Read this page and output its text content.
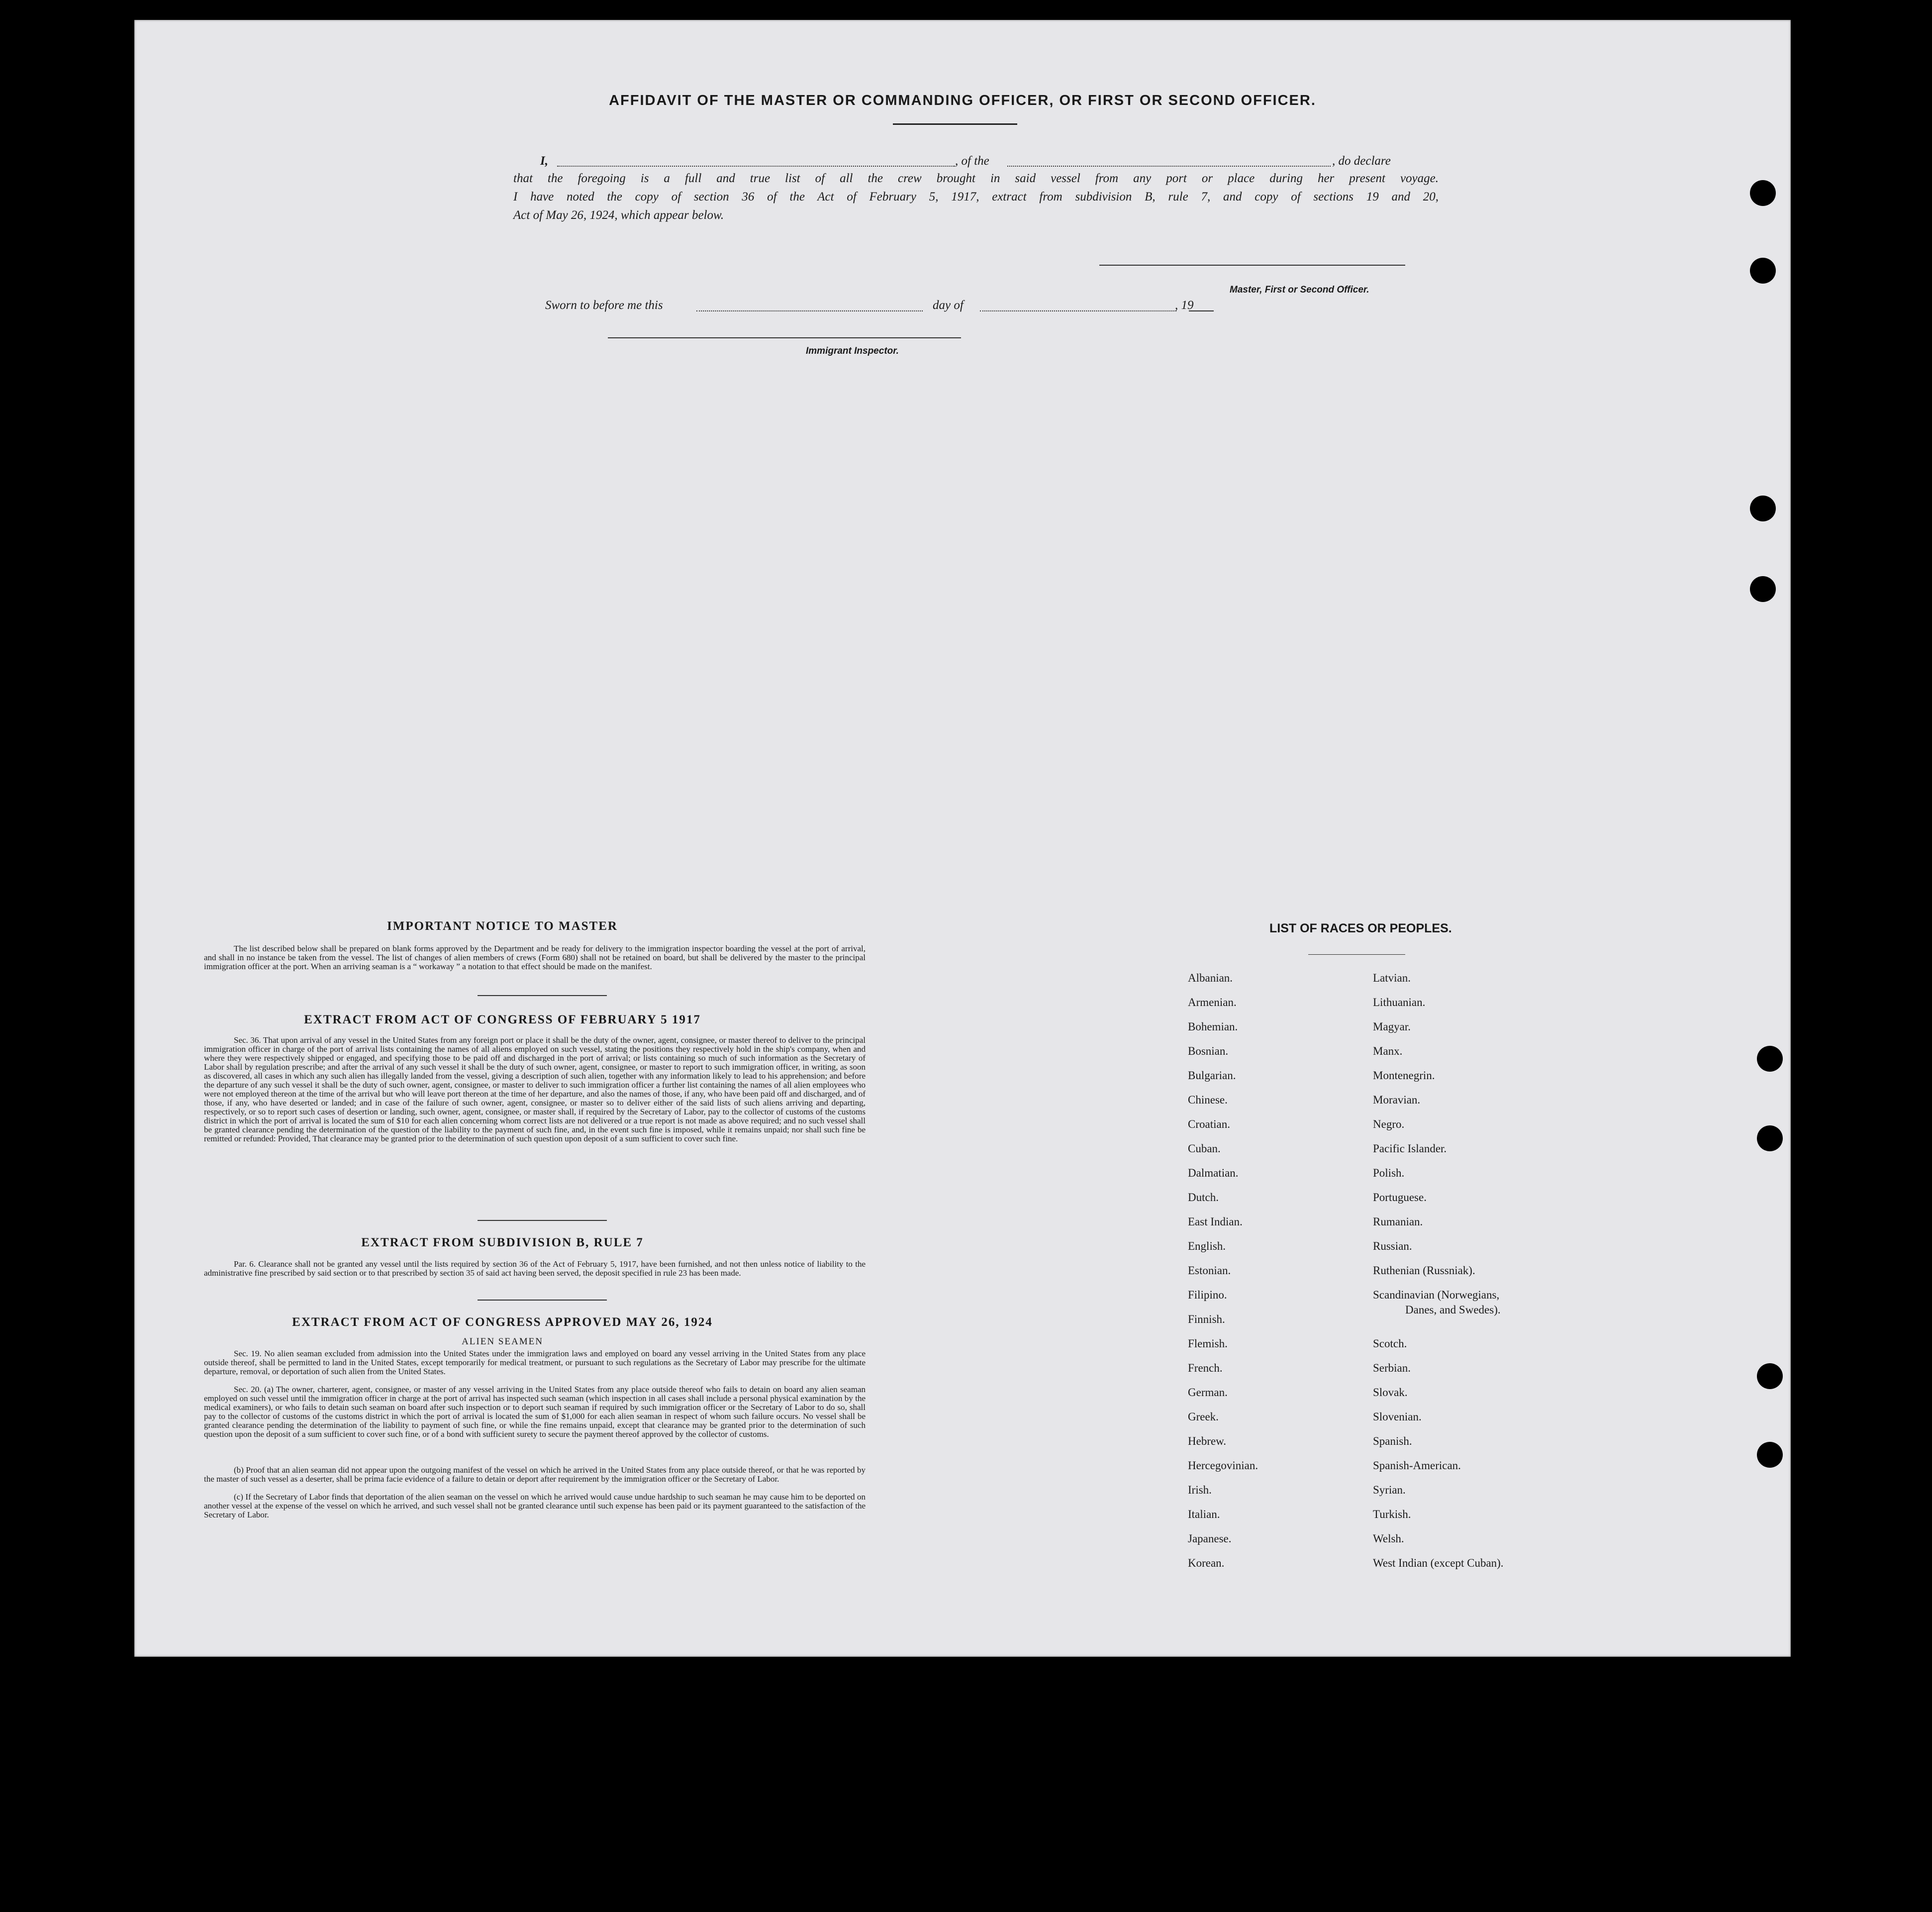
AFFIDAVIT OF THE MASTER OR COMMANDING OFFICER, OR FIRST OR SECOND OFFICER.
I,	, of the	, do declare
that the foregoing is a full and true list of all the crew brought in said vessel from any port or place during her present voyage.
I have noted the copy of section 36 of the Act of February 5, 1917, extract from subdivision B, rule 7, and copy of sections 19 and 20,
Act of May 26, 1924, which appear below.
Master, First or Second Officer.
Sworn to before me this	day of	, 19
Immigrant Inspector.
IMPORTANT NOTICE TO MASTER
The list described below shall be prepared on blank forms approved by the Department and be ready for delivery to the immigration inspector boarding the vessel at the port of arrival, and shall in no instance be taken from the vessel. The list of changes of alien members of crews (Form 680) shall not be retained on board, but shall be delivered by the master to the principal immigration officer at the port. When an arriving seaman is a “ workaway ” a notation to that effect should be made on the manifest.
EXTRACT FROM ACT OF CONGRESS OF FEBRUARY 5 1917
Sec. 36. That upon arrival of any vessel in the United States from any foreign port or place it shall be the duty of the owner, agent, consignee, or master thereof to deliver to the principal immigration officer in charge of the port of arrival lists containing the names of all aliens employed on such vessel, stating the positions they respectively hold in the ship's company, when and where they were respectively shipped or engaged, and specifying those to be paid off and discharged in the port of arrival; or lists containing so much of such information as the Secretary of Labor shall by regulation prescribe; and after the arrival of any such vessel it shall be the duty of such owner, agent, consignee, or master to report to such immigration officer, in writing, as soon as discovered, all cases in which any such alien has illegally landed from the vessel, giving a description of such alien, together with any information likely to lead to his apprehension; and before the departure of any such vessel it shall be the duty of such owner, agent, consignee, or master to deliver to such immigration officer a further list containing the names of all alien employees who were not employed thereon at the time of the arrival but who will leave port thereon at the time of her departure, and also the names of those, if any, who have been paid off and discharged, and of those, if any, who have deserted or landed; and in case of the failure of such owner, agent, consignee, or master so to deliver either of the said lists of such aliens arriving and departing, respectively, or so to report such cases of desertion or landing, such owner, agent, consignee, or master shall, if required by the Secretary of Labor, pay to the collector of customs of the customs district in which the port of arrival is located the sum of $10 for each alien concerning whom correct lists are not delivered or a true report is not made as above required; and no such vessel shall be granted clearance pending the determination of the question of the liability to the payment of such fine, and, in the event such fine is imposed, while it remains unpaid; nor shall such fine be remitted or refunded: Provided, That clearance may be granted prior to the determination of such question upon deposit of a sum sufficient to cover such fine.
EXTRACT FROM SUBDIVISION B, RULE 7
Par. 6. Clearance shall not be granted any vessel until the lists required by section 36 of the Act of February 5, 1917, have been furnished, and not then unless notice of liability to the administrative fine prescribed by said section or to that prescribed by section 35 of said act having been served, the deposit specified in rule 23 has been made.
EXTRACT FROM ACT OF CONGRESS APPROVED MAY 26, 1924
ALIEN SEAMEN
Sec. 19. No alien seaman excluded from admission into the United States under the immigration laws and employed on board any vessel arriving in the United States from any place outside thereof, shall be permitted to land in the United States, except temporarily for medical treatment, or pursuant to such regulations as the Secretary of Labor may prescribe for the ultimate departure, removal, or deportation of such alien from the United States.
Sec. 20. (a) The owner, charterer, agent, consignee, or master of any vessel arriving in the United States from any place outside thereof who fails to detain on board any alien seaman employed on such vessel until the immigration officer in charge at the port of arrival has inspected such seaman (which inspection in all cases shall include a personal physical examination by the medical examiners), or who fails to detain such seaman on board after such inspection or to deport such seaman if required by such immigration officer or the Secretary of Labor to do so, shall pay to the collector of customs of the customs district in which the port of arrival is located the sum of $1,000 for each alien seaman in respect of whom such failure occurs. No vessel shall be granted clearance pending the determination of the liability to payment of such fine, or while the fine remains unpaid, except that clearance may be granted prior to the determination of such question upon the deposit of a sum sufficient to cover such fine, or of a bond with sufficient surety to secure the payment thereof approved by the collector of customs.
(b) Proof that an alien seaman did not appear upon the outgoing manifest of the vessel on which he arrived in the United States from any place outside thereof, or that he was reported by the master of such vessel as a deserter, shall be prima facie evidence of a failure to detain or deport after requirement by the immigration officer or the Secretary of Labor.
(c) If the Secretary of Labor finds that deportation of the alien seaman on the vessel on which he arrived would cause undue hardship to such seaman he may cause him to be deported on another vessel at the expense of the vessel on which he arrived, and such vessel shall not be granted clearance until such expense has been paid or its payment guaranteed to the satisfaction of the Secretary of Labor.
LIST OF RACES OR PEOPLES.
Albanian.
Armenian.
Bohemian.
Bosnian.
Bulgarian.
Chinese.
Croatian.
Cuban.
Dalmatian.
Dutch.
East Indian.
English.
Estonian.
Filipino.
Finnish.
Flemish.
French.
German.
Greek.
Hebrew.
Hercegovinian.
Irish.
Italian.
Japanese.
Korean.
Latvian.
Lithuanian.
Magyar.
Manx.
Montenegrin.
Moravian.
Negro.
Pacific Islander.
Polish.
Portuguese.
Rumanian.
Russian.
Ruthenian (Russniak).
Scandinavian (Norwegians,
Danes, and Swedes).
Scotch.
Serbian.
Slovak.
Slovenian.
Spanish.
Spanish-American.
Syrian.
Turkish.
Welsh.
West Indian (except Cuban).
